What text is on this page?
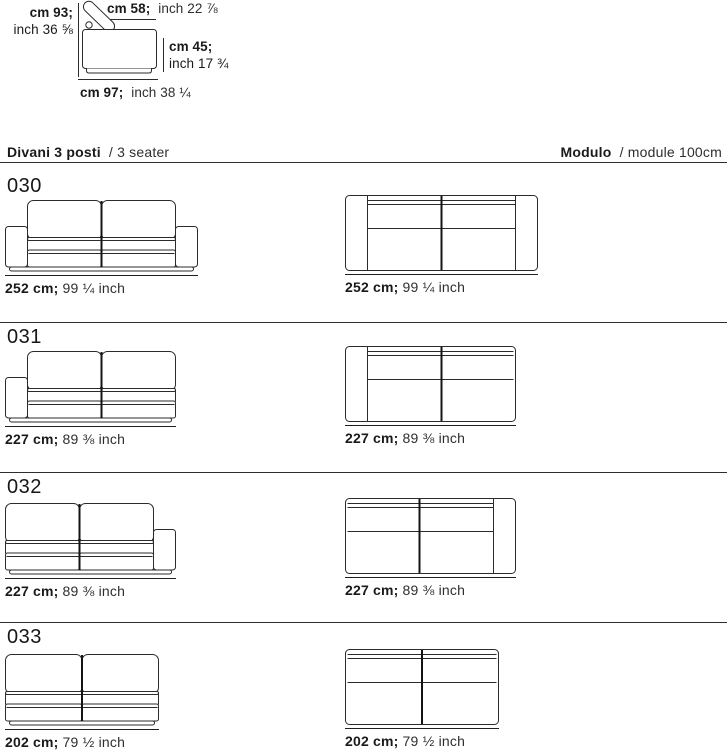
cm 93;
inch 36 ⅝
cm 58; inch 22 ⅞
cm 45;
inch 17 ¾
cm 97; inch 38 ¼
Divani 3 posti / 3 seater	Modulo / module 100cm
030
252 cm; 99 ¼ inch	252 cm; 99 ¼ inch
031
227 cm; 89 ⅜ inch	227 cm; 89 ⅜ inch
032
227 cm; 89 ⅜ inch	227 cm; 89 ⅜ inch
033
202 cm; 79 ½ inch	202 cm; 79 ½ inch
